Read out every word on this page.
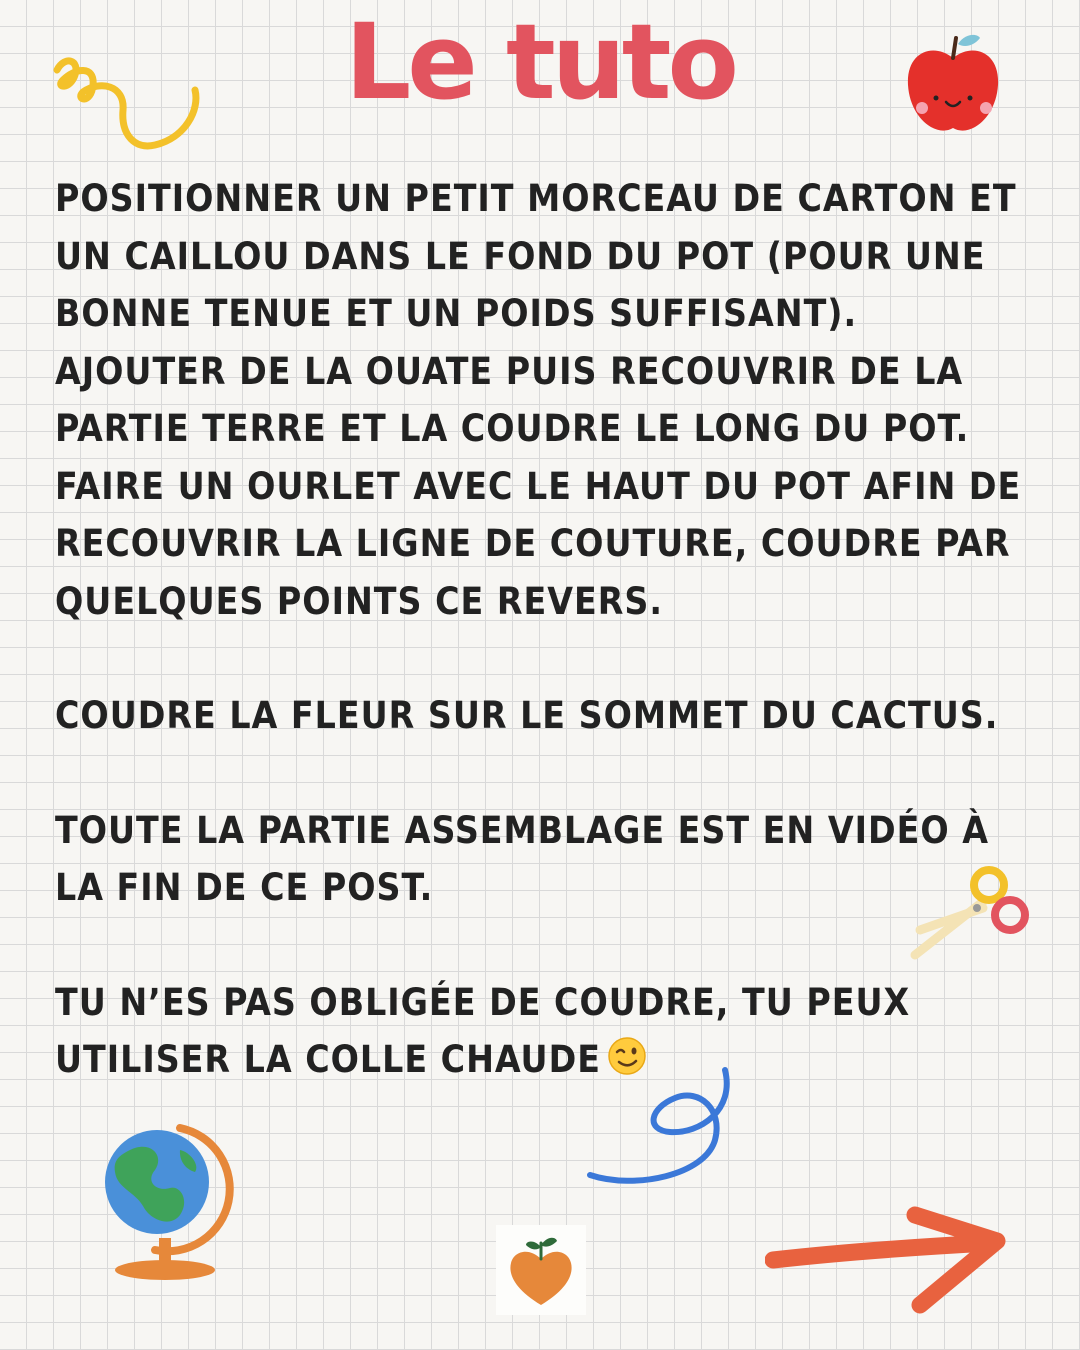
Le tuto

POSITIONNER UN PETIT MORCEAU DE CARTON ET
UN CAILLOU DANS LE FOND DU POT (POUR UNE
BONNE TENUE ET UN POIDS SUFFISANT).
AJOUTER DE LA OUATE PUIS RECOUVRIR DE LA
PARTIE TERRE ET LA COUDRE LE LONG DU POT.
FAIRE UN OURLET AVEC LE HAUT DU POT AFIN DE
RECOUVRIR LA LIGNE DE COUTURE, COUDRE PAR
QUELQUES POINTS CE REVERS.

COUDRE LA FLEUR SUR LE SOMMET DU CACTUS.

TOUTE LA PARTIE ASSEMBLAGE EST EN VIDÉO À
LA FIN DE CE POST.

TU N’ES PAS OBLIGÉE DE COUDRE, TU PEUX
UTILISER LA COLLE CHAUDE
